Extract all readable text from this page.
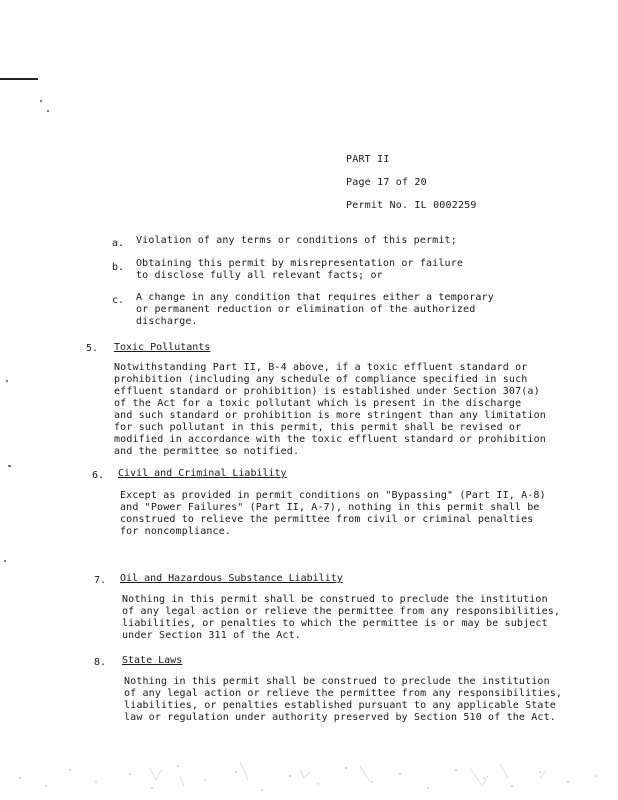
PART II
Page 17 of 20
Permit No. IL 0002259
a. Violation of any terms or conditions of this permit;
b. Obtaining this permit by misrepresentation or failure
to disclose fully all relevant facts; or
c. A change in any condition that requires either a temporary
or permanent reduction or elimination of the authorized
discharge.
5. Toxic Pollutants
Notwithstanding Part II, B-4 above, if a toxic effluent standard or
prohibition (including any schedule of compliance specified in such
effluent standard or prohibition) is established under Section 307(a)
of the Act for a toxic pollutant which is present in the discharge
and such standard or prohibition is more stringent than any limitation
for such pollutant in this permit, this permit shall be revised or
modified in accordance with the toxic effluent standard or prohibition
and the permittee so notified.
6. Civil and Criminal Liability
Except as provided in permit conditions on "Bypassing" (Part II, A-8)
and "Power Failures" (Part II, A-7), nothing in this permit shall be
construed to relieve the permittee from civil or criminal penalties
for noncompliance.
7. Oil and Hazardous Substance Liability
Nothing in this permit shall be construed to preclude the institution
of any legal action or relieve the permittee from any responsibilities,
liabilities, or penalties to which the permittee is or may be subject
under Section 311 of the Act.
8. State Laws
Nothing in this permit shall be construed to preclude the institution
of any legal action or relieve the permittee from any responsibilities,
liabilities, or penalties established pursuant to any applicable State
law or regulation under authority preserved by Section 510 of the Act.
